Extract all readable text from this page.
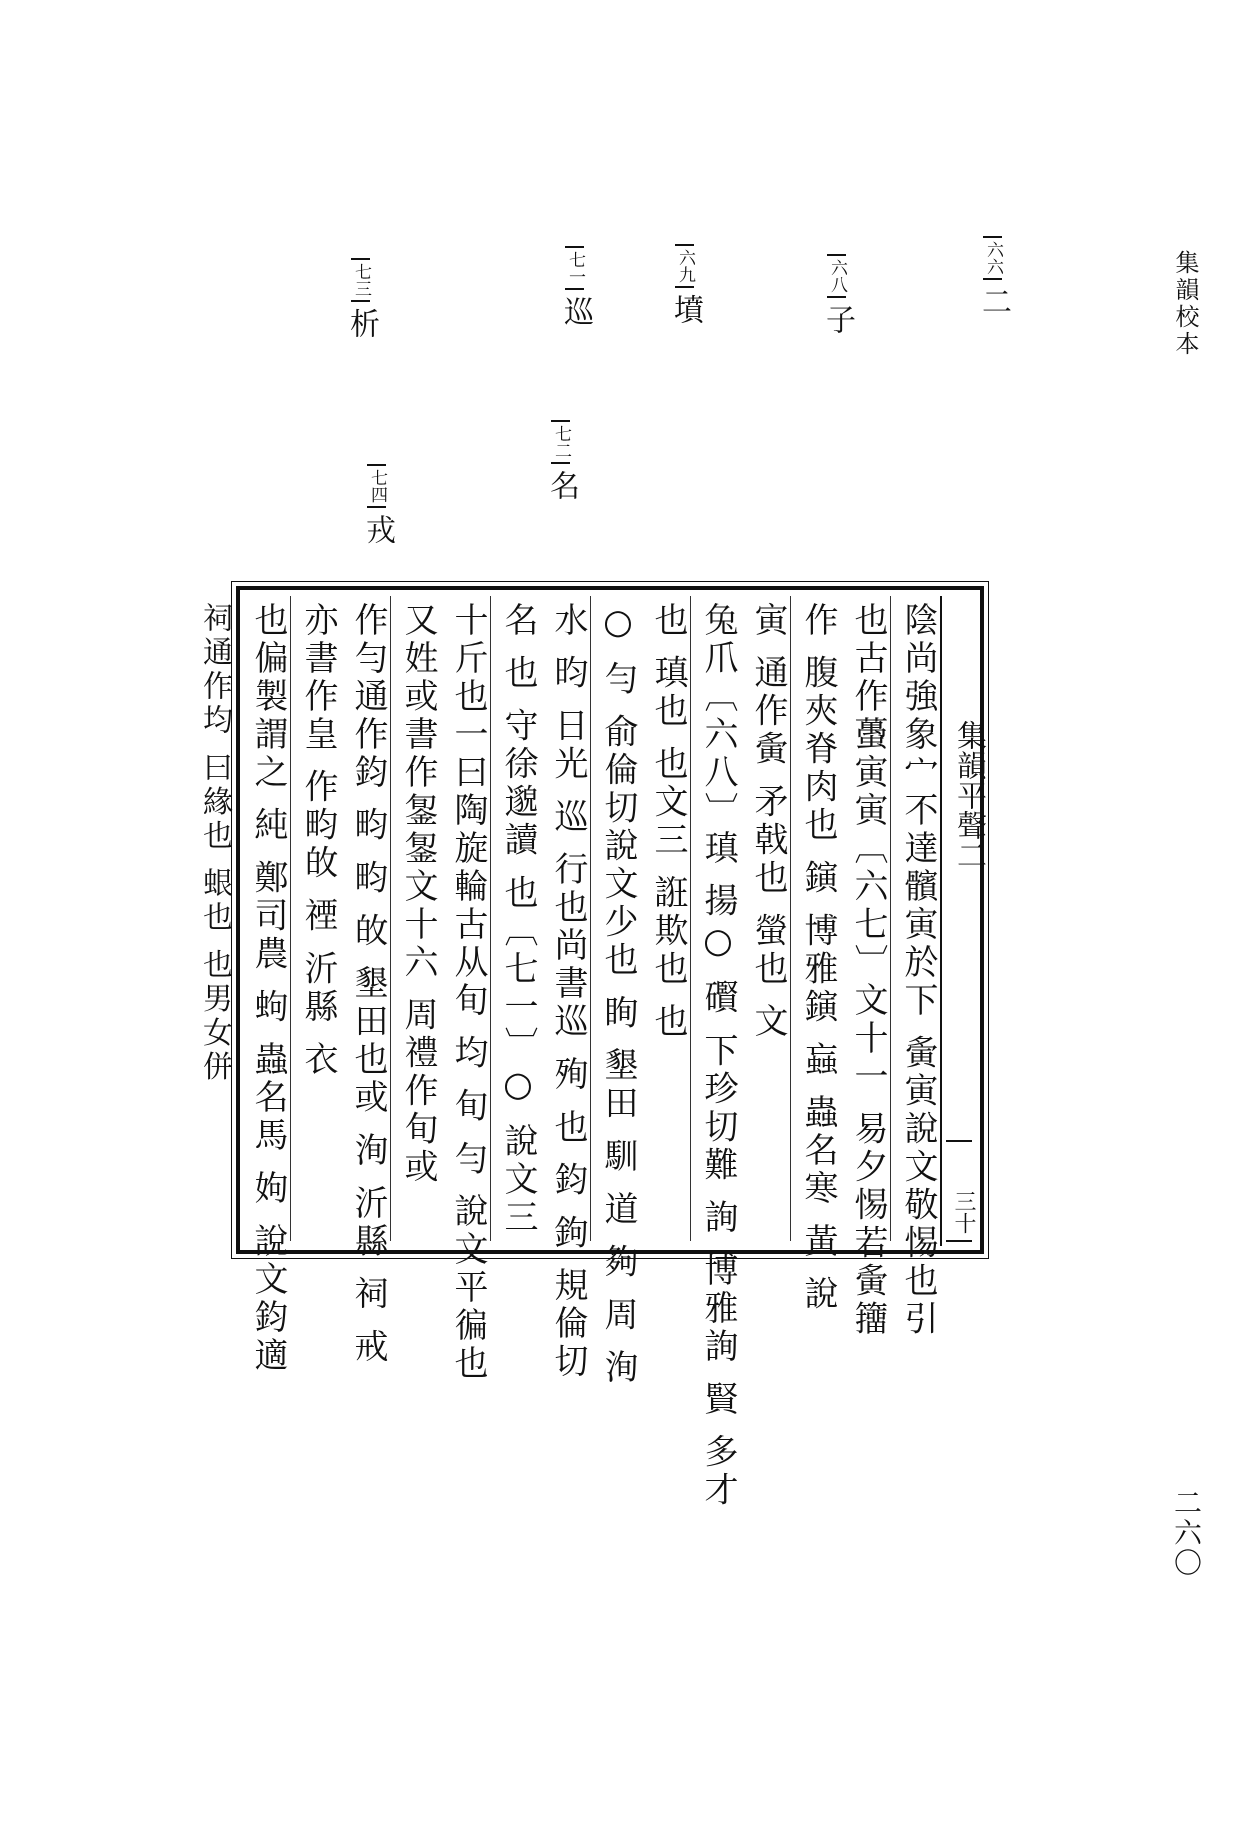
集韻校本
二六〇
六六二
六八子
六九墳
七一巡
七二名
七三析
七四戎
集韻平聲二
三十
陰尚強象宀不達髕寅於下 夤寅說文敬惕也引
也古作蠆寅寅〔六七〕文十一 易夕惕若夤籒
作 腹夾脊肉也 鏔 博雅鏔 蝱 蟲名寒 黃 說
寅 通作夤 矛戟也 螢也 文
兔爪〔六八〕瑱 揚○ 礥 下珍切難 詢 博雅詢 賢 多才
也 瑱也 也文三 誑欺也 也
○ 勻 俞倫切說文少也 眴 墾田 馴 道 夠 周 洵
水 昀 日光 巡 行也尚書巡 殉 也 鈞 鉤 規倫切
名 也 守徐邈讀 也〔七一〕○ 說文三
十斤也一曰陶旋輪古从旬 均 旬 勻 說文平徧也
又姓或書作銞銞文十六 周禮作旬或
作勻通作鈞 畇 畇 敀 墾田也或 洵 沂縣 祠 戒
亦書作皇 作畇敀 禋 沂縣 衣
也偏製謂之 純 鄭司農 蚼 蟲名馬 姁 說文鈞適
祠通作均 曰緣也 蛝也 也男女併
